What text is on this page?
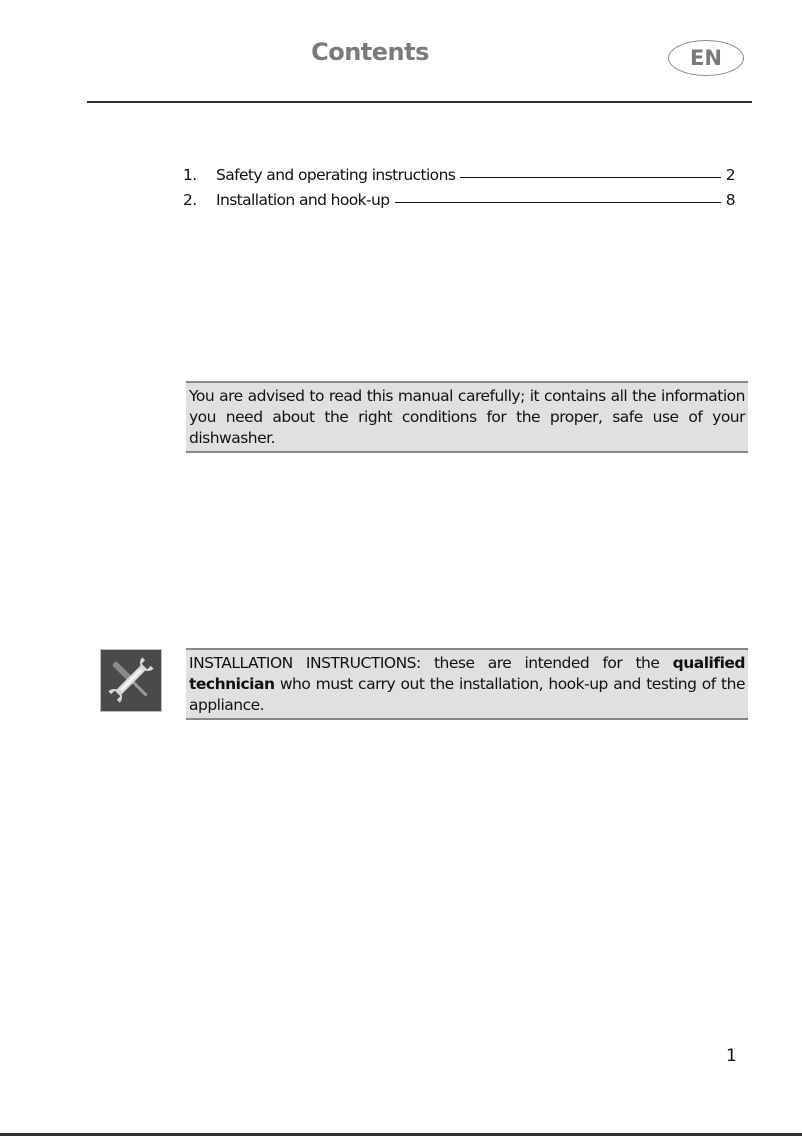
Contents	EN
1.	Safety and operating instructions	2
2.	Installation and hook-up	8
You are advised to read this manual carefully; it contains all the information you need about the right conditions for the proper, safe use of your dishwasher.
INSTALLATION INSTRUCTIONS: these are intended for the qualified technician who must carry out the installation, hook-up and testing of the appliance.
1
